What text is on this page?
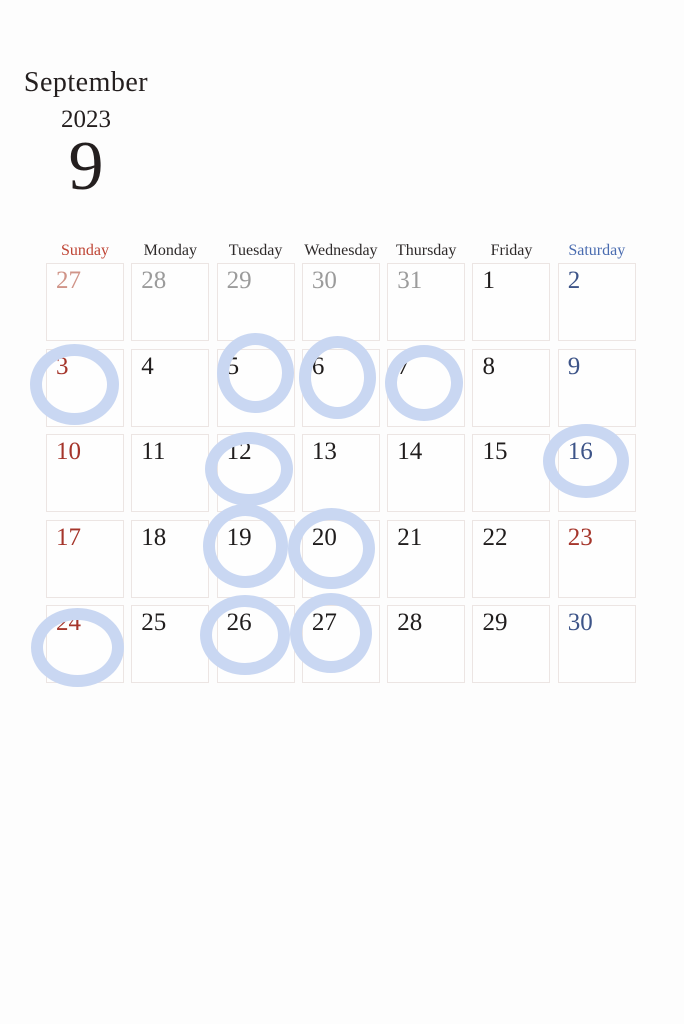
September
2023
9
Sunday	Monday	Tuesday	Wednesday	Thursday	Friday	Saturday
27	28	29	30	31	1	2
3	4	5	6	7	8	9
10	11	12	13	14	15	16
17	18	19	20	21	22	23
24	25	26	27	28	29	30
